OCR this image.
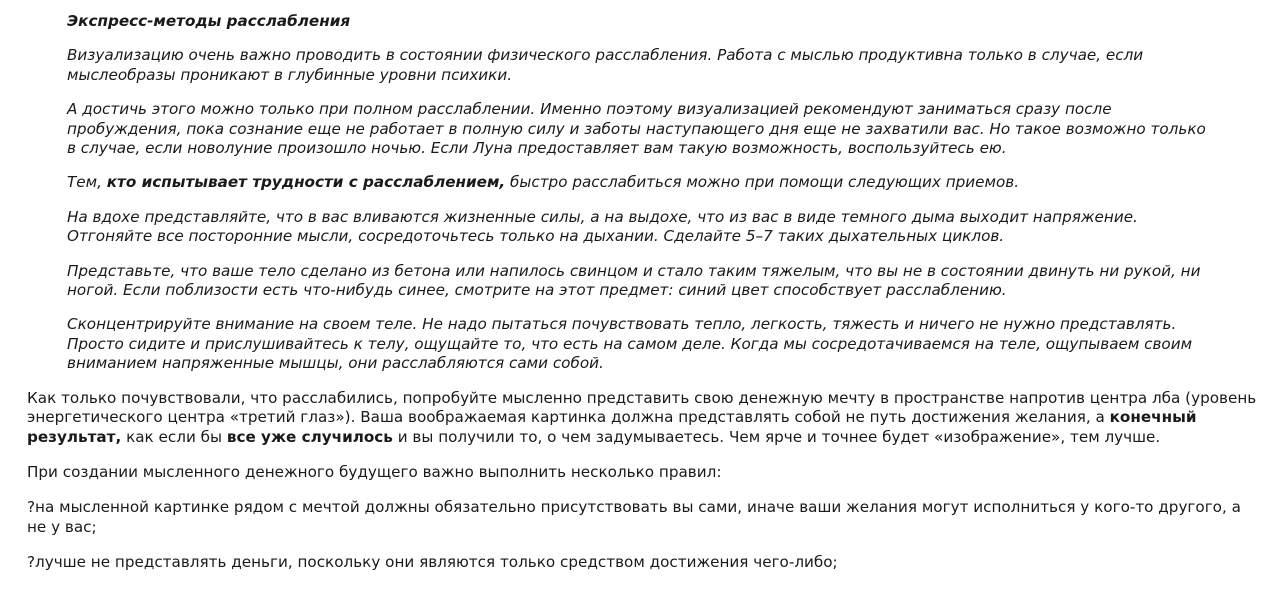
Экспресс-методы расслабления

Визуализацию очень важно проводить в состоянии физического расслабления. Работа с мыслью продуктивна только в случае, если мыслеобразы проникают в глубинные уровни психики.

А достичь этого можно только при полном расслаблении. Именно поэтому визуализацией рекомендуют заниматься сразу после пробуждения, пока сознание еще не работает в полную силу и заботы наступающего дня еще не захватили вас. Но такое возможно только в случае, если новолуние произошло ночью. Если Луна предоставляет вам такую возможность, воспользуйтесь ею.

Тем, кто испытывает трудности с расслаблением, быстро расслабиться можно при помощи следующих приемов.

На вдохе представляйте, что в вас вливаются жизненные силы, а на выдохе, что из вас в виде темного дыма выходит напряжение. Отгоняйте все посторонние мысли, сосредоточьтесь только на дыхании. Сделайте 5–7 таких дыхательных циклов.

Представьте, что ваше тело сделано из бетона или напилось свинцом и стало таким тяжелым, что вы не в состоянии двинуть ни рукой, ни ногой. Если поблизости есть что-нибудь синее, смотрите на этот предмет: синий цвет способствует расслаблению.

Сконцентрируйте внимание на своем теле. Не надо пытаться почувствовать тепло, легкость, тяжесть и ничего не нужно представлять. Просто сидите и прислушивайтесь к телу, ощущайте то, что есть на самом деле. Когда мы сосредотачиваемся на теле, ощупываем своим вниманием напряженные мышцы, они расслабляются сами собой.

Как только почувствовали, что расслабились, попробуйте мысленно представить свою денежную мечту в пространстве напротив центра лба (уровень энергетического центра «третий глаз»). Ваша воображаемая картинка должна представлять собой не путь достижения желания, а конечный результат, как если бы все уже случилось и вы получили то, о чем задумываетесь. Чем ярче и точнее будет «изображение», тем лучше.

При создании мысленного денежного будущего важно выполнить несколько правил:

?на мысленной картинке рядом с мечтой должны обязательно присутствовать вы сами, иначе ваши желания могут исполниться у кого-то другого, а не у вас;

?лучше не представлять деньги, поскольку они являются только средством достижения чего-либо;
